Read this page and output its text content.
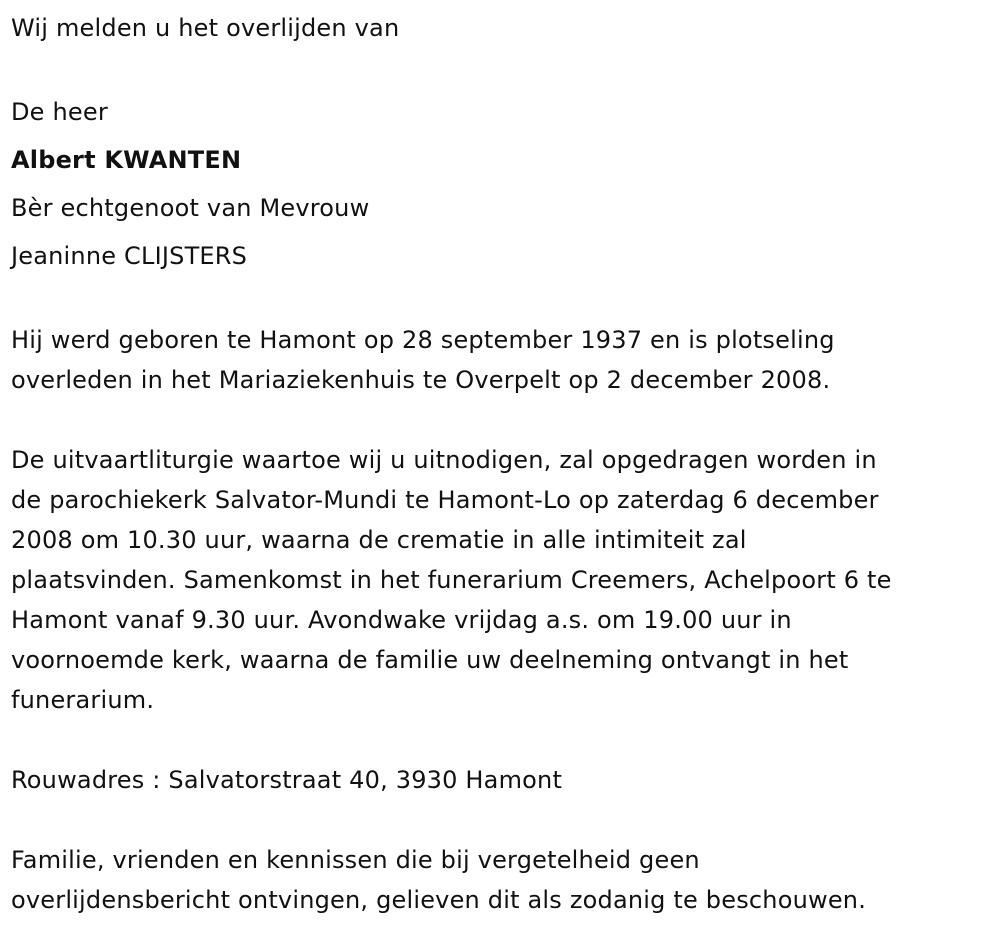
Wij melden u het overlijden van

De heer

Albert KWANTEN

Bèr echtgenoot van Mevrouw

Jeaninne CLIJSTERS

Hij werd geboren te Hamont op 28 september 1937 en is plotseling

overleden in het Mariaziekenhuis te Overpelt op 2 december 2008.

De uitvaartliturgie waartoe wij u uitnodigen, zal opgedragen worden in

de parochiekerk Salvator-Mundi te Hamont-Lo op zaterdag 6 december

2008 om 10.30 uur, waarna de crematie in alle intimiteit zal

plaatsvinden. Samenkomst in het funerarium Creemers, Achelpoort 6 te

Hamont vanaf 9.30 uur. Avondwake vrijdag a.s. om 19.00 uur in

voornoemde kerk, waarna de familie uw deelneming ontvangt in het

funerarium.

Rouwadres : Salvatorstraat 40, 3930 Hamont

Familie, vrienden en kennissen die bij vergetelheid geen

overlijdensbericht ontvingen, gelieven dit als zodanig te beschouwen.
